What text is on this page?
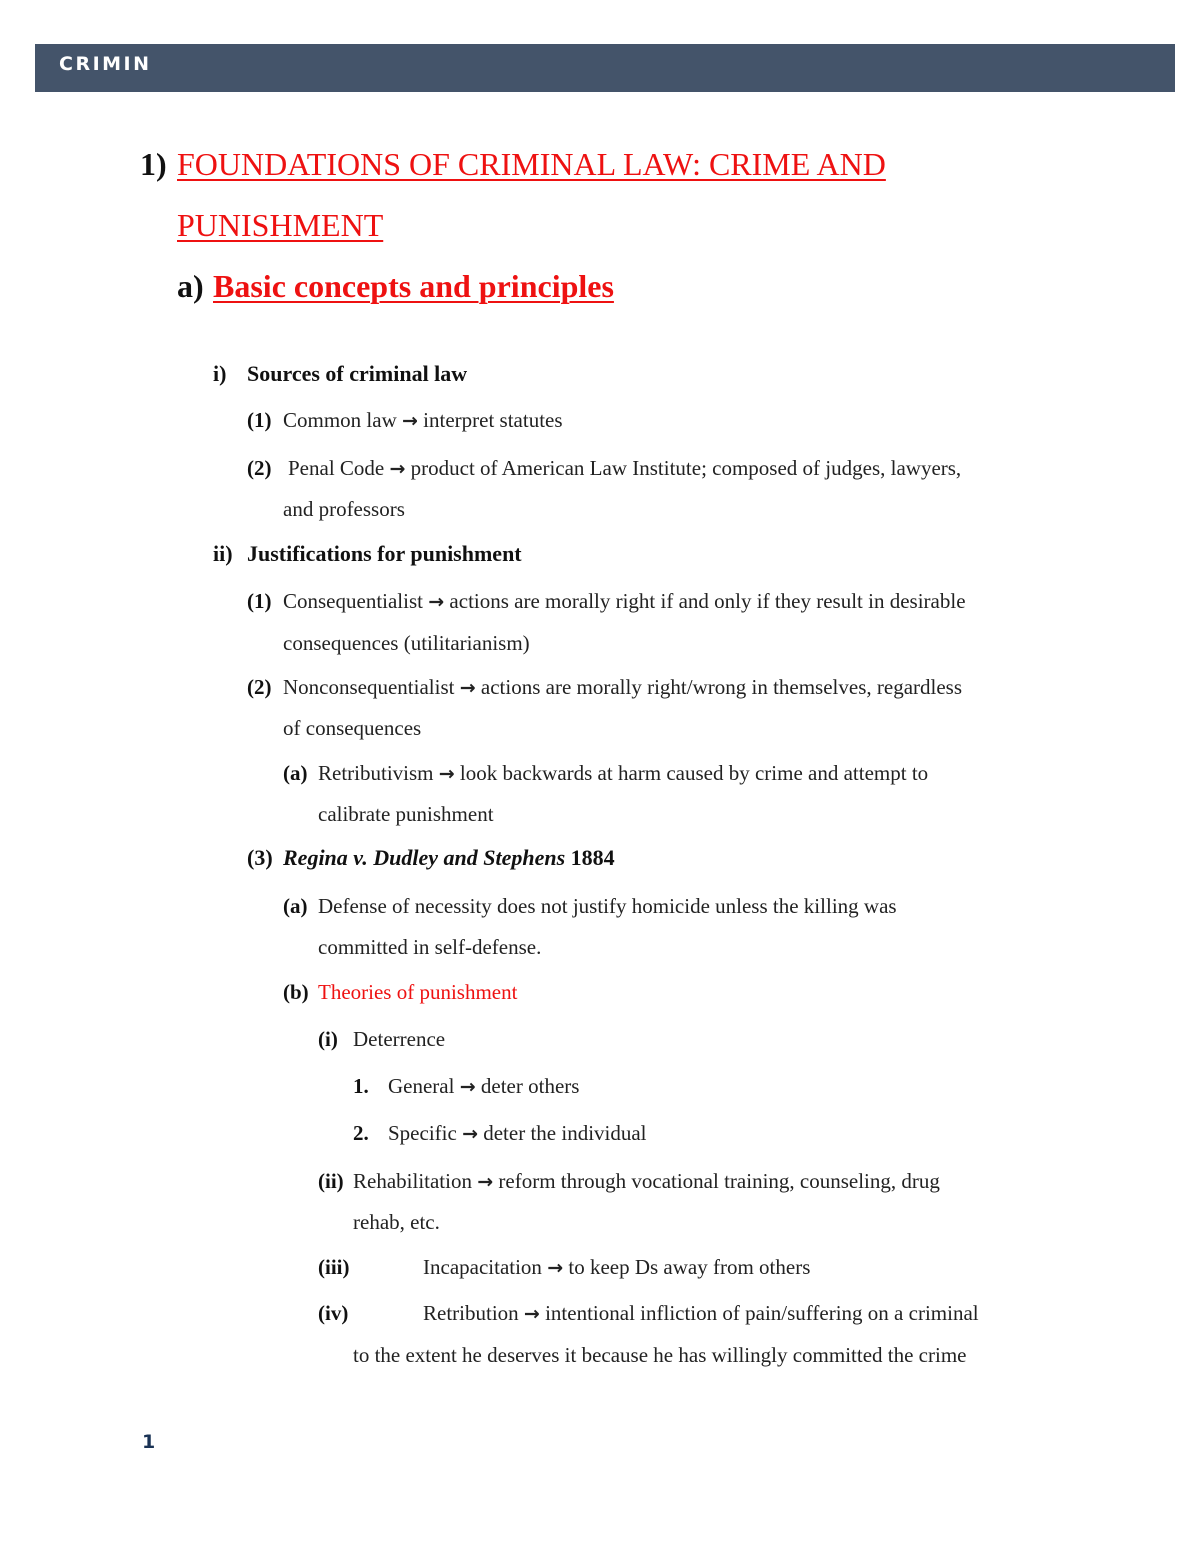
CRIMIN
1) FOUNDATIONS OF CRIMINAL LAW: CRIME AND
PUNISHMENT
a) Basic concepts and principles
i) Sources of criminal law
(1) Common law → interpret statutes
(2) Penal Code → product of American Law Institute; composed of judges, lawyers,
and professors
ii) Justifications for punishment
(1) Consequentialist → actions are morally right if and only if they result in desirable
consequences (utilitarianism)
(2) Nonconsequentialist → actions are morally right/wrong in themselves, regardless
of consequences
(a) Retributivism → look backwards at harm caused by crime and attempt to
calibrate punishment
(3) Regina v. Dudley and Stephens 1884
(a) Defense of necessity does not justify homicide unless the killing was
committed in self-defense.
(b) Theories of punishment
(i) Deterrence
1. General → deter others
2. Specific → deter the individual
(ii) Rehabilitation → reform through vocational training, counseling, drug
rehab, etc.
(iii)	Incapacitation → to keep Ds away from others
(iv)	Retribution → intentional infliction of pain/suffering on a criminal
to the extent he deserves it because he has willingly committed the crime
1
